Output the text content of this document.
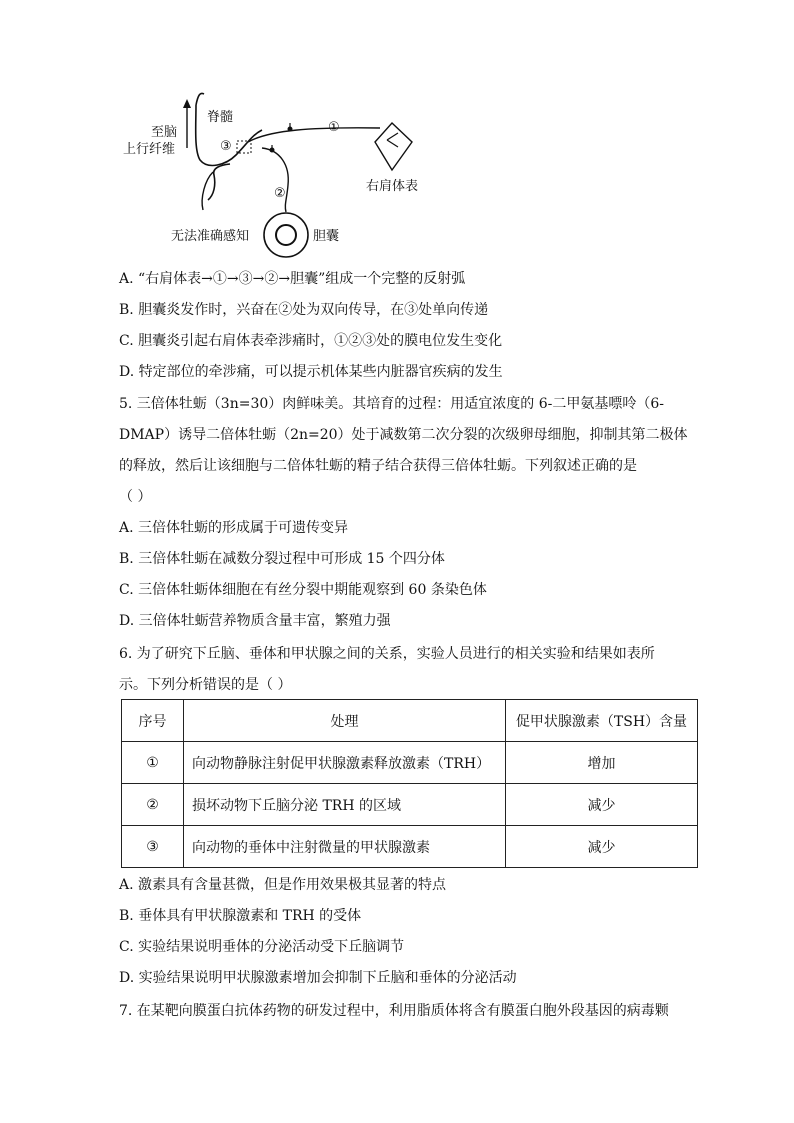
脊髓
至脑
上行纤维	③
①
②	右肩体表
无法准确感知	胆囊
A. “右肩体表→①→③→②→胆囊”组成一个完整的反射弧
B. 胆囊炎发作时，兴奋在②处为双向传导，在③处单向传递
C. 胆囊炎引起右肩体表牵涉痛时，①②③处的膜电位发生变化
D. 特定部位的牵涉痛，可以提示机体某些内脏器官疾病的发生
5. 三倍体牡蛎（3n=30）肉鲜味美。其培育的过程：用适宜浓度的 6-二甲氨基嘌呤（6-
DMAP）诱导二倍体牡蛎（2n=20）处于减数第二次分裂的次级卵母细胞，抑制其第二极体
的释放，然后让该细胞与二倍体牡蛎的精子结合获得三倍体牡蛎。下列叙述正确的是
（ ）
A. 三倍体牡蛎的形成属于可遗传变异
B. 三倍体牡蛎在减数分裂过程中可形成 15 个四分体
C. 三倍体牡蛎体细胞在有丝分裂中期能观察到 60 条染色体
D. 三倍体牡蛎营养物质含量丰富，繁殖力强
6. 为了研究下丘脑、垂体和甲状腺之间的关系，实验人员进行的相关实验和结果如表所
示。下列分析错误的是（ ）
序号	处理	促甲状腺激素（TSH）含量
①	向动物静脉注射促甲状腺激素释放激素（TRH）	增加
②	损坏动物下丘脑分泌 TRH 的区域	减少
③	向动物的垂体中注射微量的甲状腺激素	减少
A. 激素具有含量甚微，但是作用效果极其显著的特点
B. 垂体具有甲状腺激素和 TRH 的受体
C. 实验结果说明垂体的分泌活动受下丘脑调节
D. 实验结果说明甲状腺激素增加会抑制下丘脑和垂体的分泌活动
7. 在某靶向膜蛋白抗体药物的研发过程中，利用脂质体将含有膜蛋白胞外段基因的病毒颗
